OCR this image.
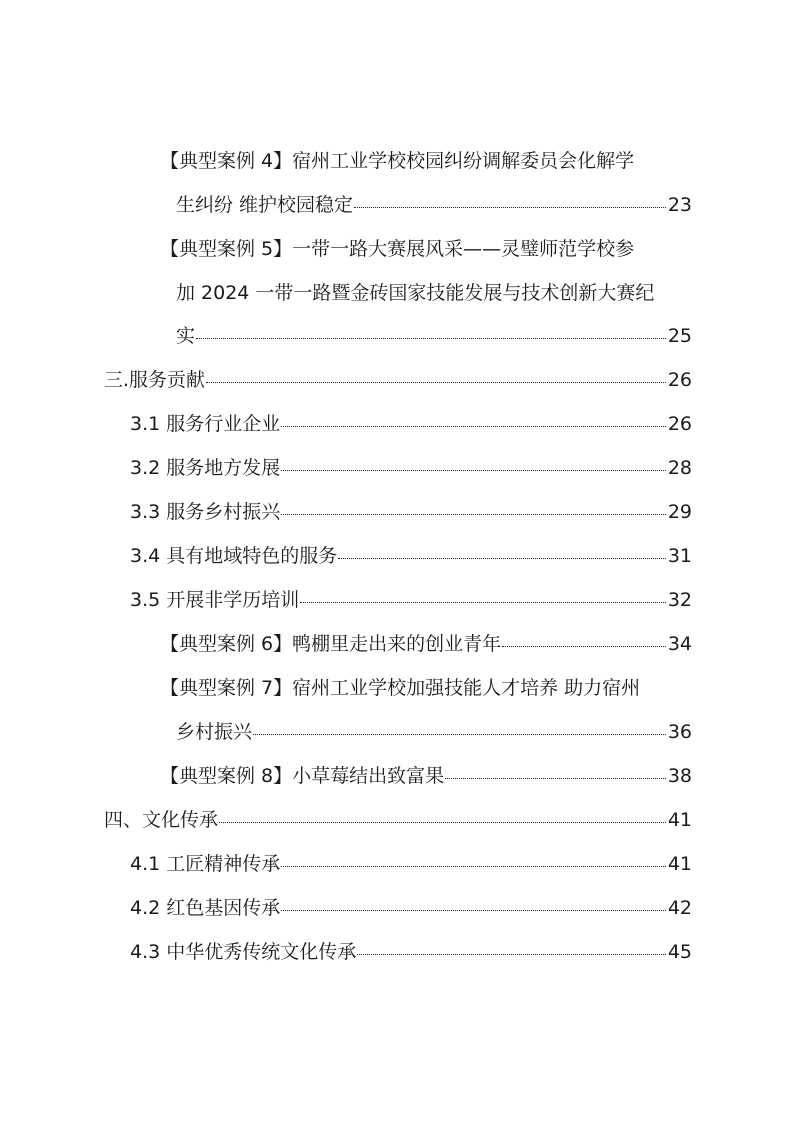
【典型案例 4】宿州工业学校校园纠纷调解委员会化解学
生纠纷 维护校园稳定	23
【典型案例 5】一带一路大赛展风采——灵璧师范学校参
加 2024 一带一路暨金砖国家技能发展与技术创新大赛纪
实	25
三.服务贡献	26
3.1 服务行业企业	26
3.2 服务地方发展	28
3.3 服务乡村振兴	29
3.4 具有地域特色的服务	31
3.5 开展非学历培训	32
【典型案例 6】鸭棚里走出来的创业青年	34
【典型案例 7】宿州工业学校加强技能人才培养 助力宿州
乡村振兴	36
【典型案例 8】小草莓结出致富果	38
四、文化传承	41
4.1 工匠精神传承	41
4.2 红色基因传承	42
4.3 中华优秀传统文化传承	45
